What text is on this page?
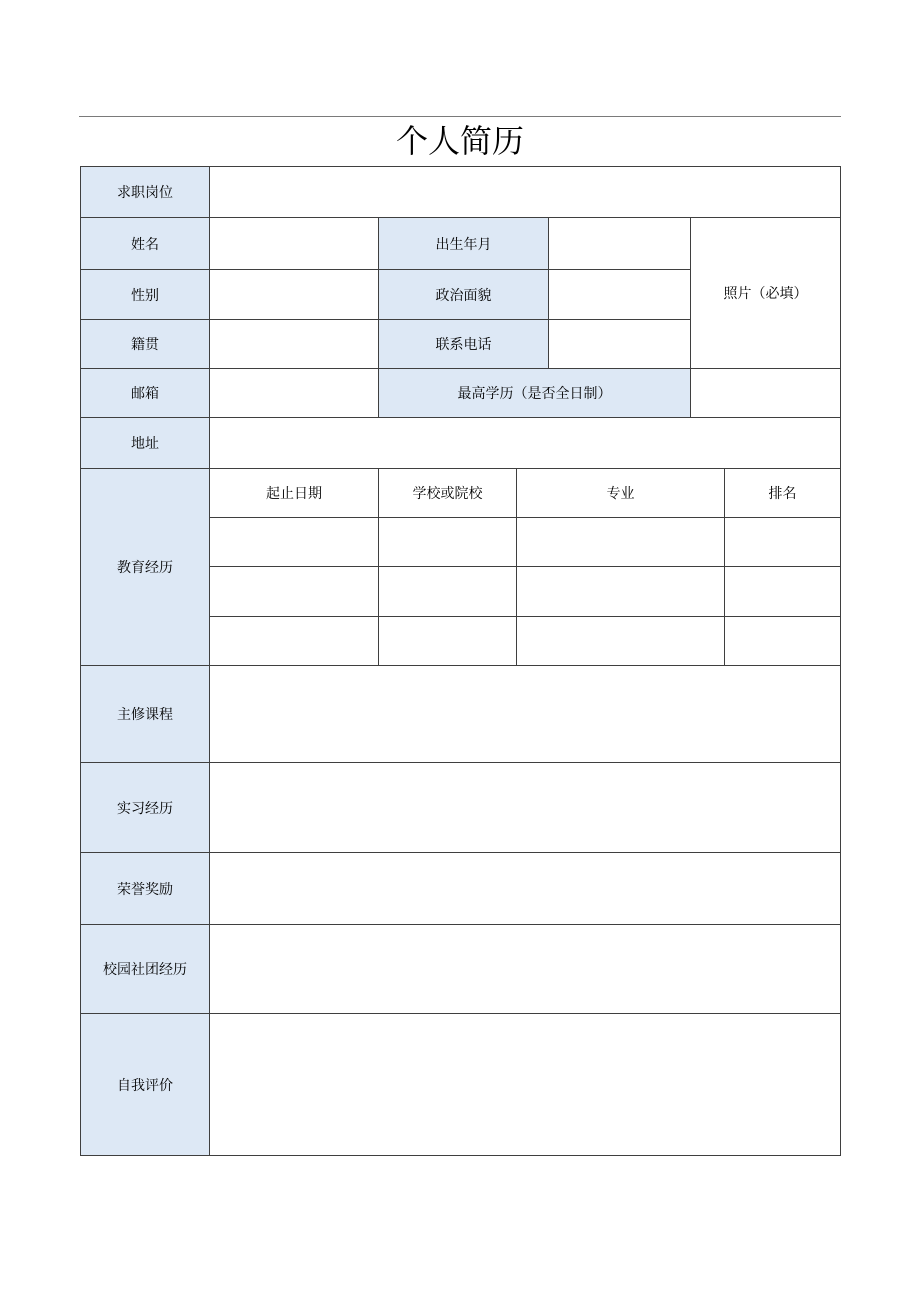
个人简历
求职岗位						
姓名		出生年月			照片（必填）	
性别		政治面貌				
籍贯		联系电话				
邮箱		最高学历（是否全日制）				
地址						
教育经历	起止日期	学校或院校	专业			排名

主修课程						
实习经历						
荣誉奖励						
校园社团经历						
自我评价						
